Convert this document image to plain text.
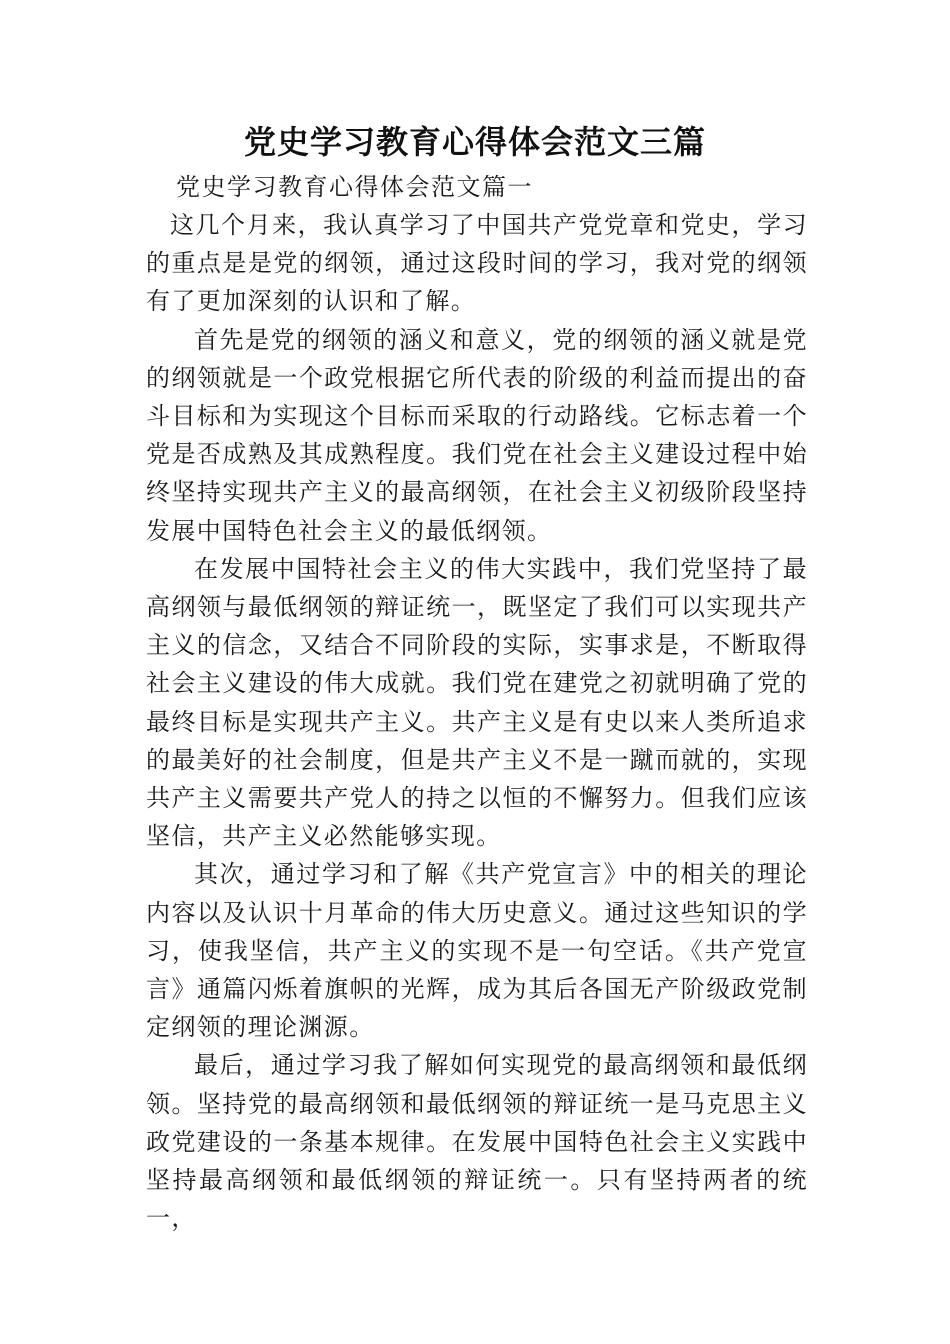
党史学习教育心得体会范文三篇
党史学习教育心得体会范文篇一

这几个月来，我认真学习了中国共产党党章和党史，学习的重点是是党的纲领，通过这段时间的学习，我对党的纲领有了更加深刻的认识和了解。

首先是党的纲领的涵义和意义，党的纲领的涵义就是党的纲领就是一个政党根据它所代表的阶级的利益而提出的奋斗目标和为实现这个目标而采取的行动路线。它标志着一个党是否成熟及其成熟程度。我们党在社会主义建设过程中始终坚持实现共产主义的最高纲领，在社会主义初级阶段坚持发展中国特色社会主义的最低纲领。

在发展中国特社会主义的伟大实践中，我们党坚持了最高纲领与最低纲领的辩证统一，既坚定了我们可以实现共产主义的信念，又结合不同阶段的实际，实事求是，不断取得社会主义建设的伟大成就。我们党在建党之初就明确了党的最终目标是实现共产主义。共产主义是有史以来人类所追求的最美好的社会制度，但是共产主义不是一蹴而就的，实现共产主义需要共产党人的持之以恒的不懈努力。但我们应该坚信，共产主义必然能够实现。

其次，通过学习和了解《共产党宣言》中的相关的理论内容以及认识十月革命的伟大历史意义。通过这些知识的学习，使我坚信，共产主义的实现不是一句空话。《共产党宣言》通篇闪烁着旗帜的光辉，成为其后各国无产阶级政党制定纲领的理论渊源。

最后，通过学习我了解如何实现党的最高纲领和最低纲领。坚持党的最高纲领和最低纲领的辩证统一是马克思主义政党建设的一条基本规律。在发展中国特色社会主义实践中坚持最高纲领和最低纲领的辩证统一。只有坚持两者的统一，
